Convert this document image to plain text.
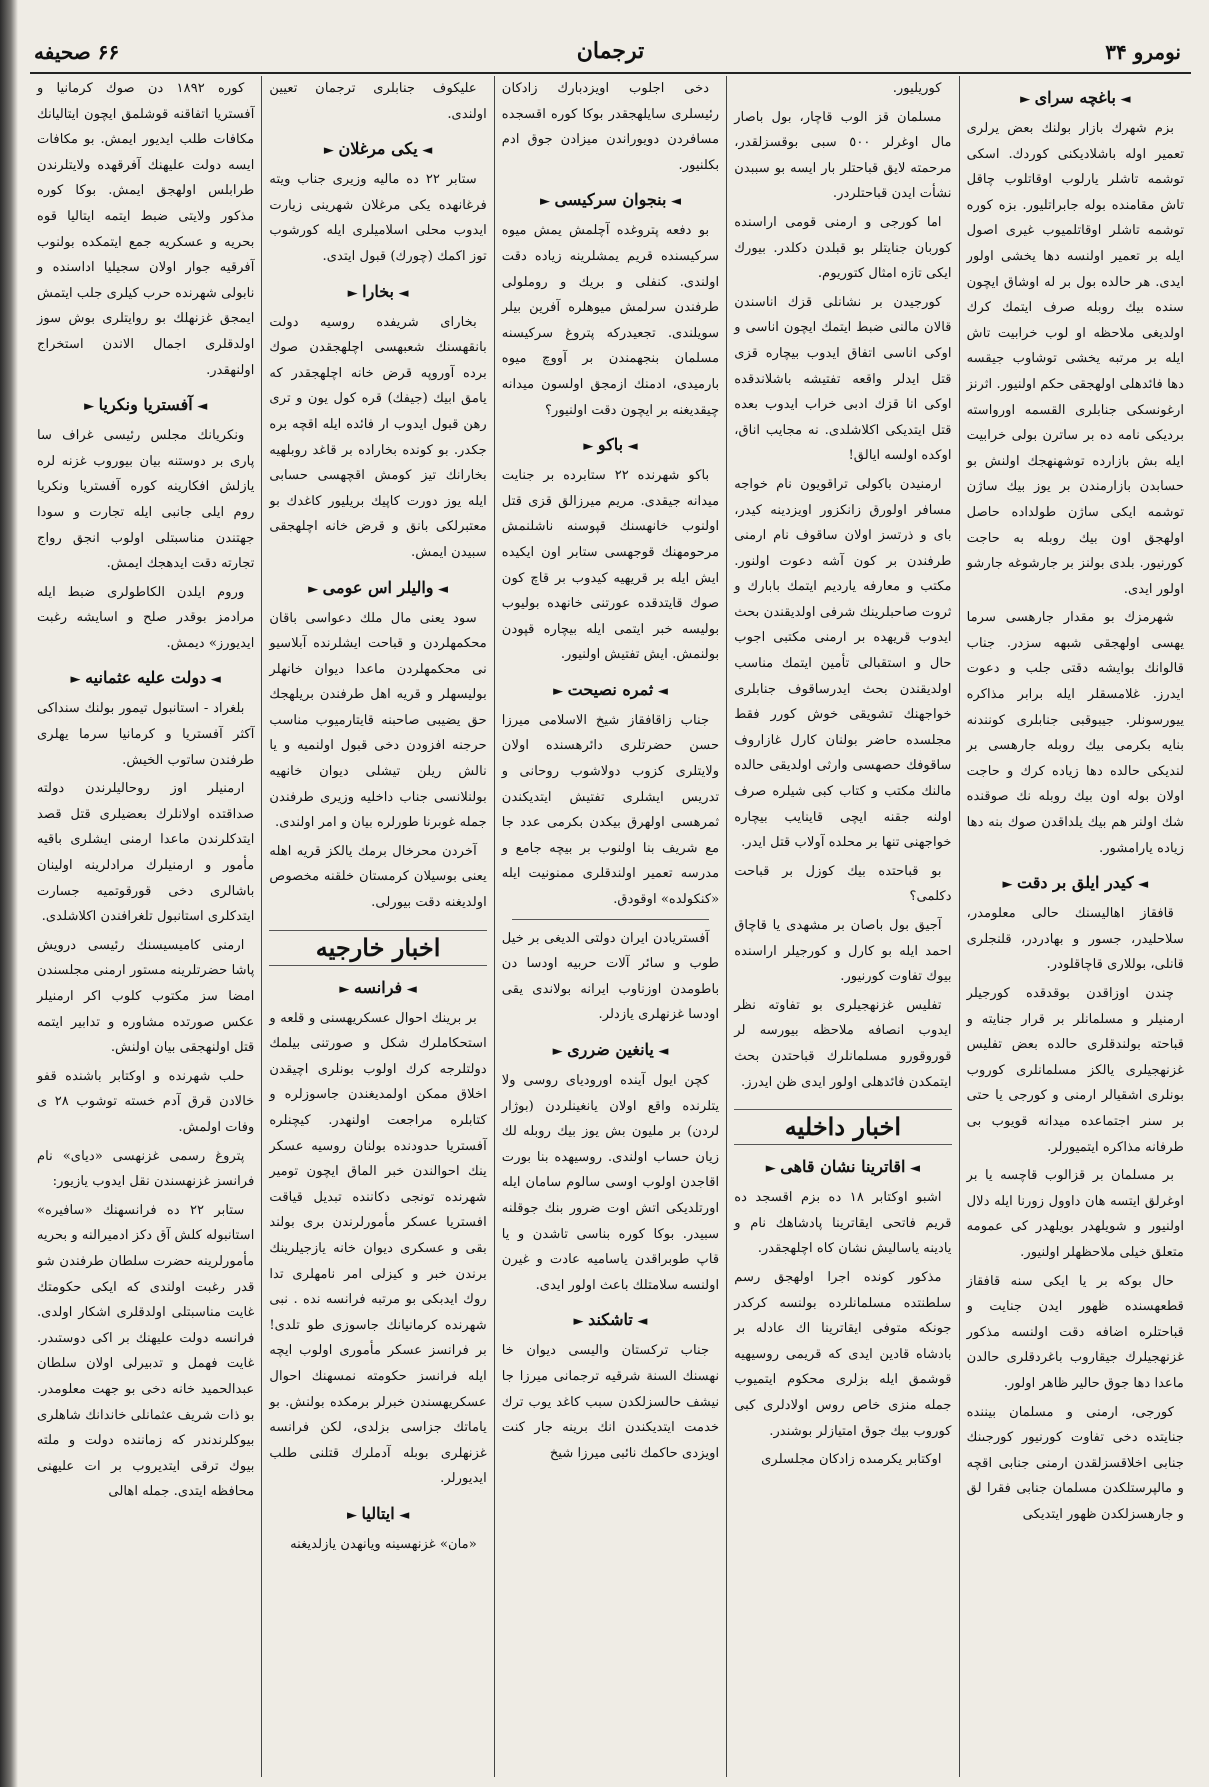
نومرو ۳۴
ترجمان
۶۶ صحيفه
◄ باغچه سراى ►

بزم شهرك بازار بولنك بعض يرلرى تعمير اوله باشلاديكنى كوردك. اسكى توشمه تاشلر يارلوب اوقاتلوب چاقل تاش مقامنده بوله جابراتليور. بزه كوره توشمه تاشلر اوقاتلميوب غيرى اصول ايله بر تعمير اولنسه دها يخشى اولور ايدى. هر حالده بول بر له اوشاق ايچون سنده بيك روبله صرف ايتمك كرك اولديغى ملاحظه او لوب خرابيت تاش ايله بر مرتبه يخشى توشاوب جيقسه دها فائدهلى اولهجقى حكم اولنيور. اثرنز ارغونسكى جنابلرى القسمه اورواسته برديكى نامه ده بر ساترن بولى خرابيت ايله بش بازارده توشهنهجك اولنش بو حسابدن بازارمندن بر يوز بيك ساژن توشمه ايكى ساژن طولداده حاصل اولهجق اون بيك روبله به حاجت كورنيور. بلدى بولنز بر جارشوغه جارشو اولور ايدى.

شهرمزك بو مقدار جارهسى سرما يهسى اولهجقى شبهه سزدر. جناب قالوانك بوايشه دقتى جلب و دعوت ايدرز. غلامسقلر ايله برابر مذاكره ييورسونلر. جيبوقبى جنابلرى كونندنه بنايه بكرمى بيك روبله جارهسى بر لنديكى حالده دها زياده كرك و حاجت اولان بوله اون بيك روبله نك صوقنده شك اولنر هم بيك يلداقدن صوك بنه دها زياده يارامشور.

◄ كيدر ايلق بر دقت ►

قافقاز اهاليسنك حالى معلومدر، سلاحليدر، جسور و بهادردر، قلنجلرى قانلى، بوللارى قاچاقلودر.

چندن اوزاقدن بوقدقده كورجيلر ارمنيلر و مسلمانلر بر قرار جنايته و قباحته بولندقلرى حالده بعض تفليس غزنهجيلرى يالكز مسلمانلرى كوروب بونلرى اشقيالر ارمنى و كورجى يا حتى بر سنر اجتماعده ميدانه قويوب بى طرفانه مذاكره ايتميورلر.

بر مسلمان بر قزالوب قاچسه يا بر اوغرلق ايتسه هان داوول زورنا ايله دلال اولنيور و شويلهدر بويلهدر كى عمومه متعلق خيلى ملاحظهلر اولنيور.

حال بوكه بر يا ايكى سنه قافقاز قطعهسنده ظهور ايدن جنايت و قباحتلره اضافه دقت اولنسه مذكور غزنهجيلرك جيقاروب باغردقلرى حالدن ماعدا دها جوق حالير ظاهر اولور.

كورجى، ارمنى و مسلمان بيننده جنايتده دخى تفاوت كورنيور كورجىنك جنابى اخلاقسزلقدن ارمنى جنابى اقچه و مالپرستلكدن مسلمان جنابى فقرا لق و جارهسزلكدن ظهور ايتديكى

كوريليور.

مسلمان قز الوب قاچار، بول باصار مال اوغرلر ٥٠٠ سبى بوقسزلقدر، مرحمته لايق قباحتلر بار ايسه بو سببدن نشأت ايدن قباحتلردر.

اما كورجى و ارمنى قومى اراسنده كوربان جنايتلر بو قبلدن دكلدر. بيورك ايكى تازه امثال كتوريوم.

كورجيدن بر نشانلى قزك اناسندن قالان مالنى ضبط ايتمك ايچون اناسى و اوكى اناسى اتفاق ايدوب بيچاره قزى قتل ايدلر واقعه تفتيشه باشلاندقده اوكى انا قزك ادبى خراب ايدوب بعده قتل ايتديكى اكلاشلدى. نه مجايب اناق، اوكده اولسه ايالق!

ارمنيدن باكولى تراقويون نام خواجه مسافر اولورق زانكزور اويزدينه كيدر، باى و ذرتسز اولان ساقوف نام ارمنى طرفندن بر كون آشه دعوت اولنور. مكتب و معارفه يارديم ايتمك بابارك و ثروت صاحبلرينك شرفى اولديقندن بحث ايدوب قريهده بر ارمنى مكتبى اجوب حال و استقبالى تأمين ايتمك مناسب اولديقندن بحث ايدرساقوف جنابلرى خواجهنك تشويقى خوش كورر فقط مجلسده حاضر بولنان كارل غازاروف ساقوفك حصهسى وارثى اولديقى حالده مالنك مكتب و كتاب كبى شيلره صرف اولنه جقنه ايچى قاينايب بيچاره خواجهنى تنها بر محلده آولاب قتل ايدر.

بو قباحتده بيك كوزل بر قباحت دكلمى؟

آجيق بول باصان بر مشهدى يا قاچاق احمد ايله بو كارل و كورجيلر اراسنده بيوك تفاوت كورنيور.

تفليس غزنهجيلرى بو تفاوته نظر ايدوب انصافه ملاحظه بيورسه لر قوروقورو مسلمانلرك قباحتدن بحث ايتمكدن فائدهلى اولور ايدى ظن ايدرز.

اخبار داخليه
◄ اقاترينا نشان قاهى ►

اشبو اوكتابر ١٨ ده بزم اقسجد ده قريم فاتحى ايقاترينا پادشاهك نام و يادينه ياساليش نشان كاه اچلهجقدر.

مذكور كونده اجرا اولهجق رسم سلطنتده مسلمانلرده بولنسه كركدر جونكه متوفى ايقاترينا اك عادله بر بادشاه قادين ايدى كه قريمى روسيهيه قوشمق ايله بزلرى محكوم ايتميوب جمله منزى خاص روس اولادلرى كبى كوروب بيك جوق امتيازلر بوشندر.

اوكتابر يكرمىده زادكان مجلسلرى

دخى اجلوب اويزدبارك زادكان رئيسلرى سايلهجقدر بوكا كوره اقسجده مسافردن دويوراندن ميزادن جوق ادم بكلنيور.

◄ بنجوان سركيسى ►

بو دفعه پتروغده آچلمش يمش ميوه سركيسنده قريم يمشلرينه زياده دقت اولندى. كنفلى و بريك و روملولى طرفندن سرلمش ميوهلره آفرين بيلر سويلندى. تجعيدركه پتروغ سركيسنه مسلمان بنجهمندن بر آووچ ميوه بارميدى، ادمنك ازمجق اولسون ميدانه چيقديغنه بر ايچون دقت اولنيور؟

◄ باكو ►

باكو شهرنده ٢٢ ستابرده بر جنايت ميدانه جيقدى. مريم ميرزالق قزى قتل اولنوب خانهسنك قپوسنه ناشلنمش مرحومهنك قوجهسى ستابر اون ايكيده ايش ايله بر قريهيه كيدوب بر قاچ كون صوك قايتدقده عورتنى خانهده بوليوب بوليسه خبر ايتمى ايله بيچاره قپودن بولنمش. ايش تفتيش اولنيور.

◄ ثمره نصيحت ►

جناب زاقافقاز شيخ الاسلامى ميرزا حسن حضرتلرى دائرهسنده اولان ولايتلرى كزوب دولاشوب روحانى و تدريس ايشلرى تفتيش ايتديكندن ثمرهسى اولهرق بيكدن بكرمى عدد جا مع شريف بنا اولنوب بر بيچه جامع و مدرسه تعمير اولندقلرى ممنونيت ايله «كنكولده» اوقودق.

آفستريادن ايران دولتى الديغى بر خيل طوب و سائر آلات حربيه اودسا دن باطومدن اوزناوب ايرانه بولاندى يقى اودسا غزنهلرى يازدلر.

◄ يانغين ضررى ►

كچن ايول آينده اورودياى روسى ولا يتلرنده واقع اولان يانغينلردن (بوژار لردن) بر مليون بش يوز بيك روبله لك زيان حساب اولندى. روسيهده بنا بورت اقاجدن اولوب اوسى سالوم سامان ايله اورتلديكى اتش اوت ضرور بنك جوقلنه سبيدر. بوكا كوره بناسى تاشدن و يا قاپ طوبراقدن ياساميه عادت و غيرن اولنسه سلامتلك باعث اولور ايدى.

◄ تاشكند ►

جناب تركستان واليسى ديوان خا نهسنك السنة شرقيه ترجمانى ميرزا جا نيشف حالسزلكدن سبب كاغد يوب ترك خدمت ايتديكندن انك برينه جار كنت اويزدى حاكمك نائبى ميرزا شيخ

عليكوف جنابلرى ترجمان تعيين اولندى.

◄ يكى مرغلان ►

ستابر ٢٢ ده ماليه وزيرى جناب ويته فرغانهده يكى مرغلان شهرينى زيارت ايدوب محلى اسلاميلرى ايله كورشوب توز اكمك (چورك) قبول ايتدى.

◄ بخارا ►

بخاراى شريفده روسيه دولت بانقهسنك شعبهسى اچلهجقدن صوك برده آوروپه قرض خانه اچلهجقدر كه يامق ابيك (جيفك) قره كول يون و ترى رهن قبول ايدوب ار فائده ايله اقچه بره جكدر. بو كونده بخاراده بر قاغد روبلهيه بخارانك تيز كومش اقچهسى حسابى ايله يوز دورت كاپيك بريليور كاغدك بو معتبرلكى بانق و قرض خانه اچلهجقى سبيدن ايمش.

◄ واليلر اس عومى ►

سود يعنى مال ملك دعواسى باقان محكمهلردن و قباحت ايشلرنده آبلاسيو نى محكمهلردن ماعدا ديوان خانهلر بوليسهلر و قريه اهل طرفندن بريلهجك حق يضيبى صاحبنه قايتارميوب مناسب حرجنه افزودن دخى قبول اولنميه و يا نالش ريلن تيشلى ديوان خانهيه بولنلانسى جناب داخليه وزيرى طرفندن جمله غوبرنا طورلره بيان و امر اولندى.

آخردن محرخال برمك يالكز قريه اهله يعنى بوسيلان كرمستان خلقنه مخصوص اولديغنه دقت بيورلى.

اخبار خارجيه
◄ فرانسه ►

بر برينك احوال عسكريهسنى و قلعه و استحكاملرك شكل و صورتنى بيلمك دولتلرجه كرك اولوب بونلرى اچيقدن اخلاق ممكن اولمديغندن جاسوزلره و كتابلره مراجعت اولنهدر. كيچنلره آفستريا حدودنده بولنان روسيه عسكر ينك احوالندن خبر الماق ايچون تومير شهرنده تونجى دكاننده تبديل قياقت افستريا عسكر مأمورلرندن برى بولند بقى و عسكرى ديوان خانه يازجيلرينك برندن خبر و كيزلى امر نامهلرى تدا روك ايدبكى بو مرتبه فرانسه نده . نبى شهرنده كرمانيانك جاسوزى طو تلدى! بر فرانسز عسكر مأمورى اولوب ايچه ايله فرانسز حكومته نمسهنك احوال عسكريهسندن خبرلر برمكده بولنش. بو ياماتك جزاسى بزلدى، لكن فرانسه غزنهلرى بوبله آدملرك قتلنى طلب ايديورلر.

◄ ايتاليا ►

«مان» غزنهسينه ويانهدن يازلديغنه

كوره ١٨٩٢ دن صوك كرمانيا و آفستريا اتفاقنه قوشلمق ايچون ايتاليانك مكافات طلب ايديور ايمش. بو مكافات ايسه دولت عليهنك آفرقهده ولايتلرندن طرابلس اولهجق ايمش. بوكا كوره مذكور ولايتى ضبط ايتمه ايتاليا قوه بحريه و عسكريه جمع ايتمكده بولنوب آفرقيه جوار اولان سجيليا اداسنده و نابولى شهرنده حرب كيلرى جلب ايتمش ايمجق غزنهلك بو روايتلرى بوش سوز اولدقلرى اجمال الاندن استخراج اولنهقدر.

◄ آفستريا ونكريا ►

ونكريانك مجلس رئيسى غراف سا پارى بر دوستنه بيان بيوروب غزنه لره يازلش افكارينه كوره آفستريا ونكريا روم ايلى جانبى ايله تجارت و سودا جهتندن مناسبتلى اولوب انجق رواج تجارته دقت ايدهجك ايمش.

وروم ايلدن الكاطولرى ضبط ايله مرادمز بوقدر صلح و اسايشه رغبت ايديورز» ديمش.

◄ دولت عليه عثمانيه ►

بلغراد - استانبول تيمور بولنك سنداكى آكثر آفستريا و كرمانيا سرما يهلرى طرفندن ساتوب الخيش.

ارمنيلر اوز روحاليلرندن دولته صداقتده اولانلرك بعضيلرى قتل قصد ايتدكلرندن ماعدا ارمنى ايشلرى باقيه مأمور و ارمنيلرك مرادلرينه اولينان باشالرى دخى قورقوتميه جسارت ايتدكلرى استانبول تلغرافندن اكلاشلدى.

ارمنى كاميسيسنك رئيسى درويش پاشا حضرتلرينه مستور ارمنى مجلسندن امضا سز مكتوب كلوب اكر ارمنيلر عكس صورتده مشاوره و تدابير ايتمه قتل اولنهجقى بيان اولنش.

حلب شهرنده و اوكتابر باشنده قفو خالادن قرق آدم خسته توشوب ٢٨ ى وفات اولمش.

پتروغ رسمى غزنهسى «دياى» نام فرانسز غزنهسندن نقل ايدوب يازيور:

ستابر ٢٢ ده فرانسهنك «سافيره» استانبوله كلش آق دكز ادميرالنه و بحريه مأمورلرينه حضرت سلطان طرفندن شو قدر رغبت اولندى كه ايكى حكومتك غايت مناسبتلى اولدقلرى اشكار اولدى. فرانسه دولت عليهنك بر اكى دوستىدر. غايت فهمل و تدبيرلى اولان سلطان عبدالحميد خانه دخى بو جهت معلومدر. بو ذات شريف عثمانلى خاندانك شاهلرى بيوكلرندندر كه زماننده دولت و ملته بيوك ترقى ايتديروب بر ات عليهنى محافظه ايتدى. جمله اهالى
